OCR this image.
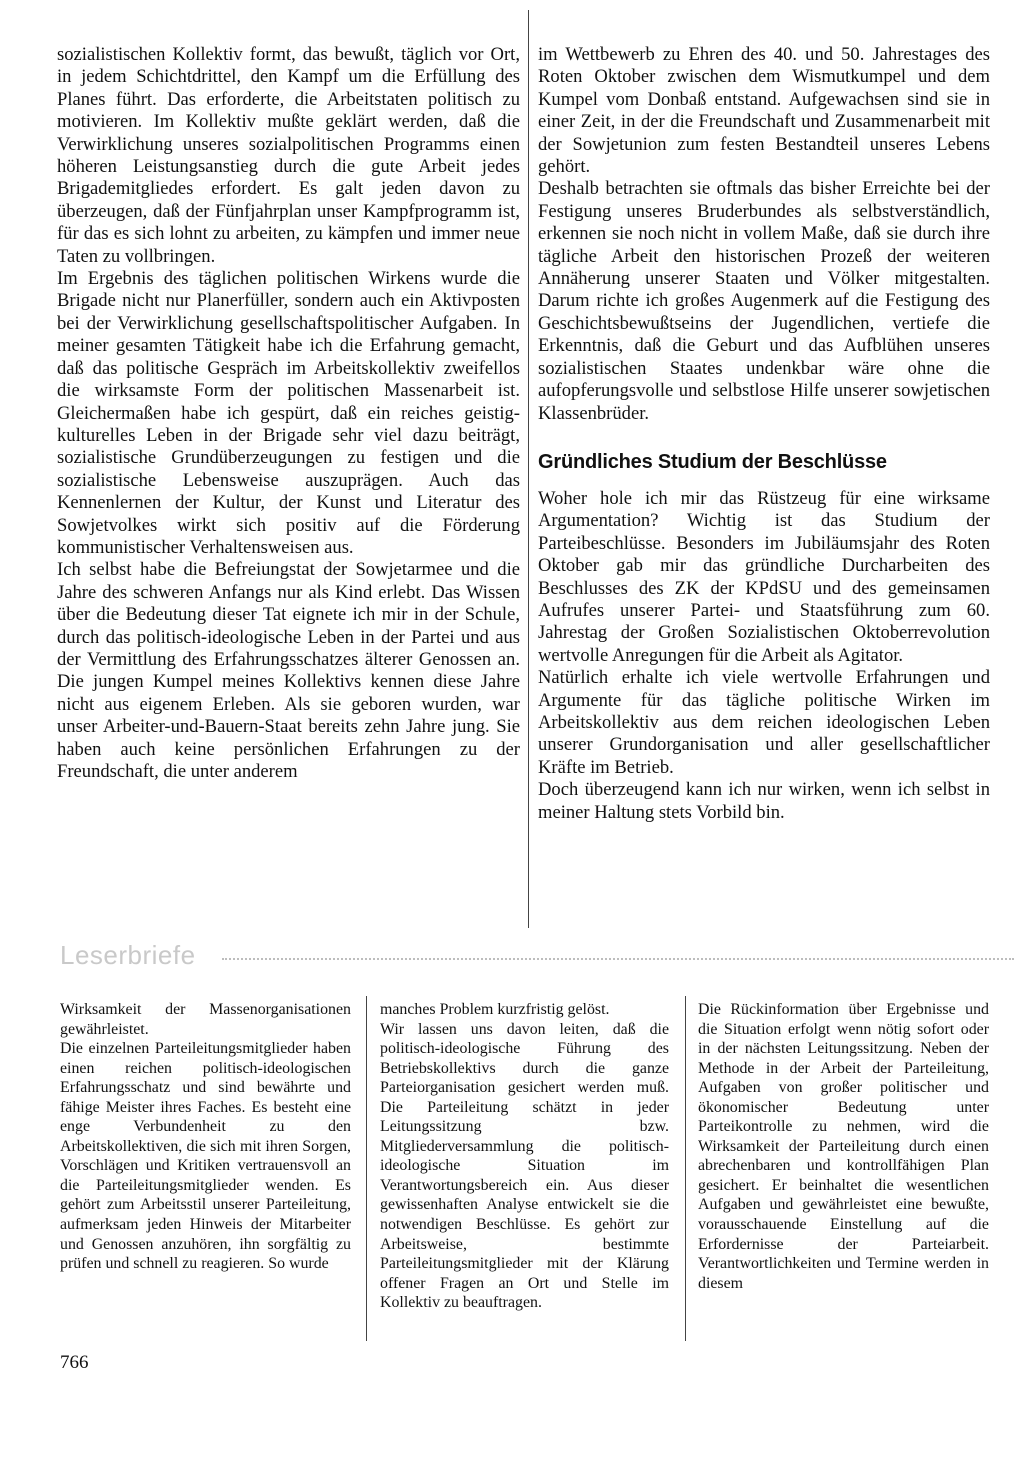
sozialistischen Kollektiv formt, das bewußt, täglich vor Ort, in jedem Schichtdrittel, den Kampf um die Erfüllung des Planes führt. Das erforderte, die Arbeitstaten politisch zu motivieren. Im Kollektiv mußte geklärt werden, daß die Verwirklichung unseres sozialpolitischen Programms einen höheren Leistungsanstieg durch die gute Arbeit jedes Brigademitgliedes erfordert. Es galt jeden davon zu überzeugen, daß der Fünfjahrplan unser Kampfprogramm ist, für das es sich lohnt zu arbeiten, zu kämpfen und immer neue Taten zu vollbringen.

Im Ergebnis des täglichen politischen Wirkens wurde die Brigade nicht nur Planerfüller, sondern auch ein Aktivposten bei der Verwirklichung gesellschaftspolitischer Aufgaben. In meiner gesamten Tätigkeit habe ich die Erfahrung gemacht, daß das politische Gespräch im Arbeitskollektiv zweifellos die wirksamste Form der politischen Massenarbeit ist. Gleichermaßen habe ich gespürt, daß ein reiches geistig-kulturelles Leben in der Brigade sehr viel dazu beiträgt, sozialistische Grundüberzeugungen zu festigen und die sozialistische Lebensweise auszuprägen. Auch das Kennenlernen der Kultur, der Kunst und Literatur des Sowjetvolkes wirkt sich positiv auf die Förderung kommunistischer Verhaltensweisen aus.

Ich selbst habe die Befreiungstat der Sowjetarmee und die Jahre des schweren Anfangs nur als Kind erlebt. Das Wissen über die Bedeutung dieser Tat eignete ich mir in der Schule, durch das politisch-ideologische Leben in der Partei und aus der Vermittlung des Erfahrungsschatzes älterer Genossen an. Die jungen Kumpel meines Kollektivs kennen diese Jahre nicht aus eigenem Erleben. Als sie geboren wurden, war unser Arbeiter-und-Bauern-Staat bereits zehn Jahre jung. Sie haben auch keine persönlichen Erfahrungen zu der Freundschaft, die unter anderem

im Wettbewerb zu Ehren des 40. und 50. Jahrestages des Roten Oktober zwischen dem Wismutkumpel und dem Kumpel vom Donbaß entstand. Aufgewachsen sind sie in einer Zeit, in der die Freundschaft und Zusammenarbeit mit der Sowjetunion zum festen Bestandteil unseres Lebens gehört.

Deshalb betrachten sie oftmals das bisher Erreichte bei der Festigung unseres Bruderbundes als selbstverständlich, erkennen sie noch nicht in vollem Maße, daß sie durch ihre tägliche Arbeit den historischen Prozeß der weiteren Annäherung unserer Staaten und Völker mitgestalten. Darum richte ich großes Augenmerk auf die Festigung des Geschichtsbewußtseins der Jugendlichen, vertiefe die Erkenntnis, daß die Geburt und das Aufblühen unseres sozialistischen Staates undenkbar wäre ohne die aufopferungsvolle und selbstlose Hilfe unserer sowjetischen Klassenbrüder.

Gründliches Studium der Beschlüsse

Woher hole ich mir das Rüstzeug für eine wirksame Argumentation? Wichtig ist das Studium der Parteibeschlüsse. Besonders im Jubiläumsjahr des Roten Oktober gab mir das gründliche Durcharbeiten des Beschlusses des ZK der KPdSU und des gemeinsamen Aufrufes unserer Partei- und Staatsführung zum 60. Jahrestag der Großen Sozialistischen Oktoberrevolution wertvolle Anregungen für die Arbeit als Agitator.

Natürlich erhalte ich viele wertvolle Erfahrungen und Argumente für das tägliche politische Wirken im Arbeitskollektiv aus dem reichen ideologischen Leben unserer Grundorganisation und aller gesellschaftlicher Kräfte im Betrieb.

Doch überzeugend kann ich nur wirken, wenn ich selbst in meiner Haltung stets Vorbild bin.

Leserbriefe

Wirksamkeit der Massenorganisationen gewährleistet.

Die einzelnen Parteileitungsmitglieder haben einen reichen politisch-ideologischen Erfahrungsschatz und sind bewährte und fähige Meister ihres Faches. Es besteht eine enge Verbundenheit zu den Arbeitskollektiven, die sich mit ihren Sorgen, Vorschlägen und Kritiken vertrauensvoll an die Parteileitungsmitglieder wenden. Es gehört zum Arbeitsstil unserer Parteileitung, aufmerksam jeden Hinweis der Mitarbeiter und Genossen anzuhören, ihn sorgfältig zu prüfen und schnell zu reagieren. So wurde

manches Problem kurzfristig gelöst.

Wir lassen uns davon leiten, daß die politisch-ideologische Führung des Betriebskollektivs durch die ganze Parteiorganisation gesichert werden muß. Die Parteileitung schätzt in jeder Leitungssitzung bzw. Mitgliederversammlung die politisch-ideologische Situation im Verantwortungsbereich ein. Aus dieser gewissenhaften Analyse entwickelt sie die notwendigen Beschlüsse. Es gehört zur Arbeitsweise, bestimmte Parteileitungsmitglieder mit der Klärung offener Fragen an Ort und Stelle im Kollektiv zu beauftragen.

Die Rückinformation über Ergebnisse und die Situation erfolgt wenn nötig sofort oder in der nächsten Leitungssitzung. Neben der Methode in der Arbeit der Parteileitung, Aufgaben von großer politischer und ökonomischer Bedeutung unter Parteikontrolle zu nehmen, wird die Wirksamkeit der Parteileitung durch einen abrechenbaren und kontrollfähigen Plan gesichert. Er beinhaltet die wesentlichen Aufgaben und gewährleistet eine bewußte, vorausschauende Einstellung auf die Erfordernisse der Parteiarbeit. Verantwortlichkeiten und Termine werden in diesem

766
